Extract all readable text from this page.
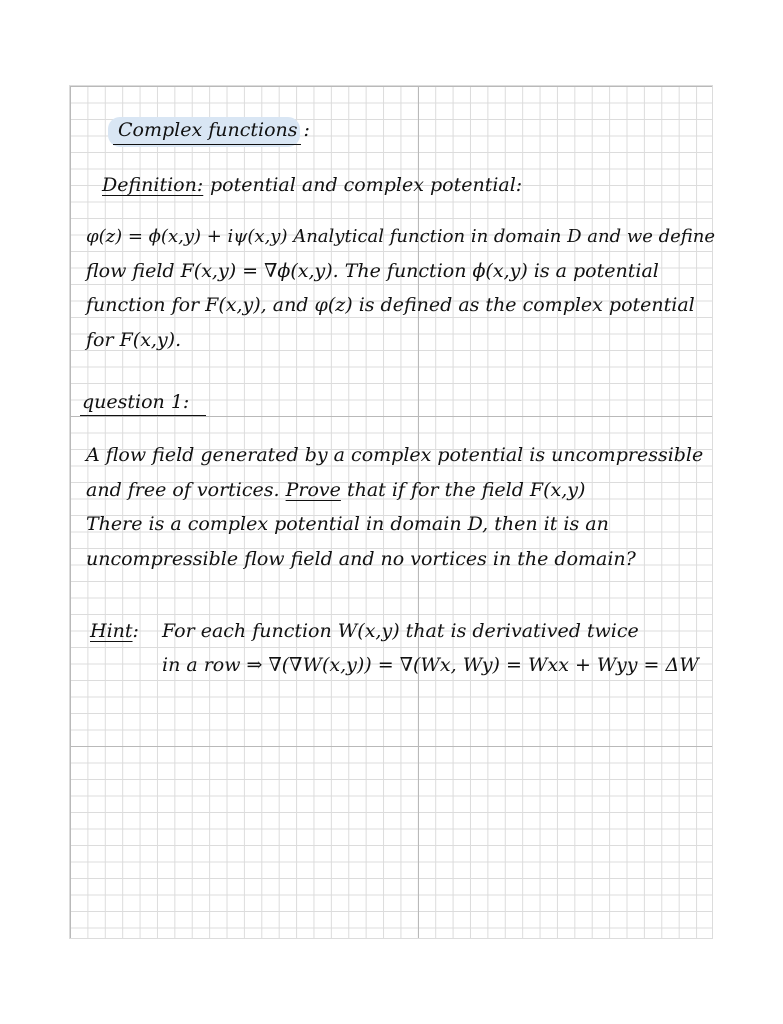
Complex functions :
Definition: potential and complex potential:
φ(z) = ϕ(x,y) + iψ(x,y) Analytical function in domain D and we define
flow field F(x,y) = ∇ϕ(x,y). The function ϕ(x,y) is a potential
function for F(x,y), and φ(z) is defined as the complex potential
for F(x,y).
question 1:
A flow field generated by a complex potential is uncompressible
and free of vortices. Prove that if for the field F(x,y)
There is a complex potential in domain D, then it is an
uncompressible flow field and no vortices in the domain?
Hint: For each function W(x,y) that is derivatived twice
in a row ⇒ ∇(∇W(x,y)) = ∇(Wx, Wy) = Wxx + Wyy = ΔW
